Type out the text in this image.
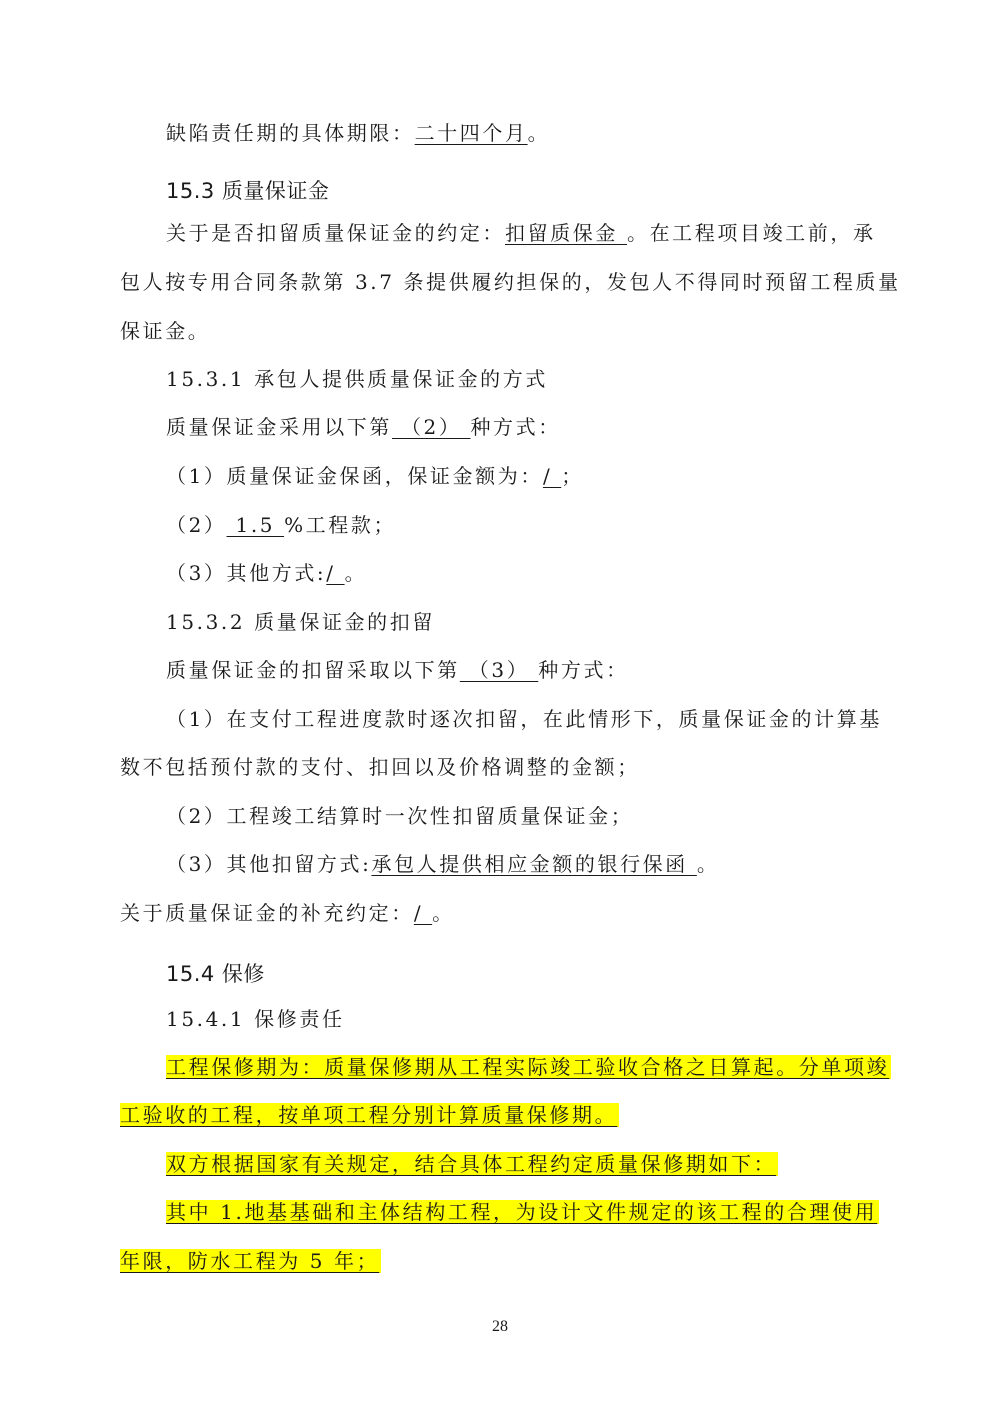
缺陷责任期的具体期限：二十四个月。
15.3 质量保证金
关于是否扣留质量保证金的约定：扣留质保金 。在工程项目竣工前，承
包人按专用合同条款第 3.7 条提供履约担保的，发包人不得同时预留工程质量
保证金。
15.3.1 承包人提供质量保证金的方式
质量保证金采用以下第 （2） 种方式：
（1）质量保证金保函，保证金额为：/ ；
（2） 1.5 %工程款；
（3）其他方式:/ 。
15.3.2 质量保证金的扣留
质量保证金的扣留采取以下第 （3） 种方式：
（1）在支付工程进度款时逐次扣留，在此情形下，质量保证金的计算基
数不包括预付款的支付、扣回以及价格调整的金额；
（2）工程竣工结算时一次性扣留质量保证金；
（3）其他扣留方式:承包人提供相应金额的银行保函 。
关于质量保证金的补充约定：/ 。
15.4 保修
15.4.1 保修责任
工程保修期为：质量保修期从工程实际竣工验收合格之日算起。分单项竣
工验收的工程，按单项工程分别计算质量保修期。
双方根据国家有关规定，结合具体工程约定质量保修期如下：
其中 1.地基基础和主体结构工程，为设计文件规定的该工程的合理使用
年限，防水工程为 5 年；
28
